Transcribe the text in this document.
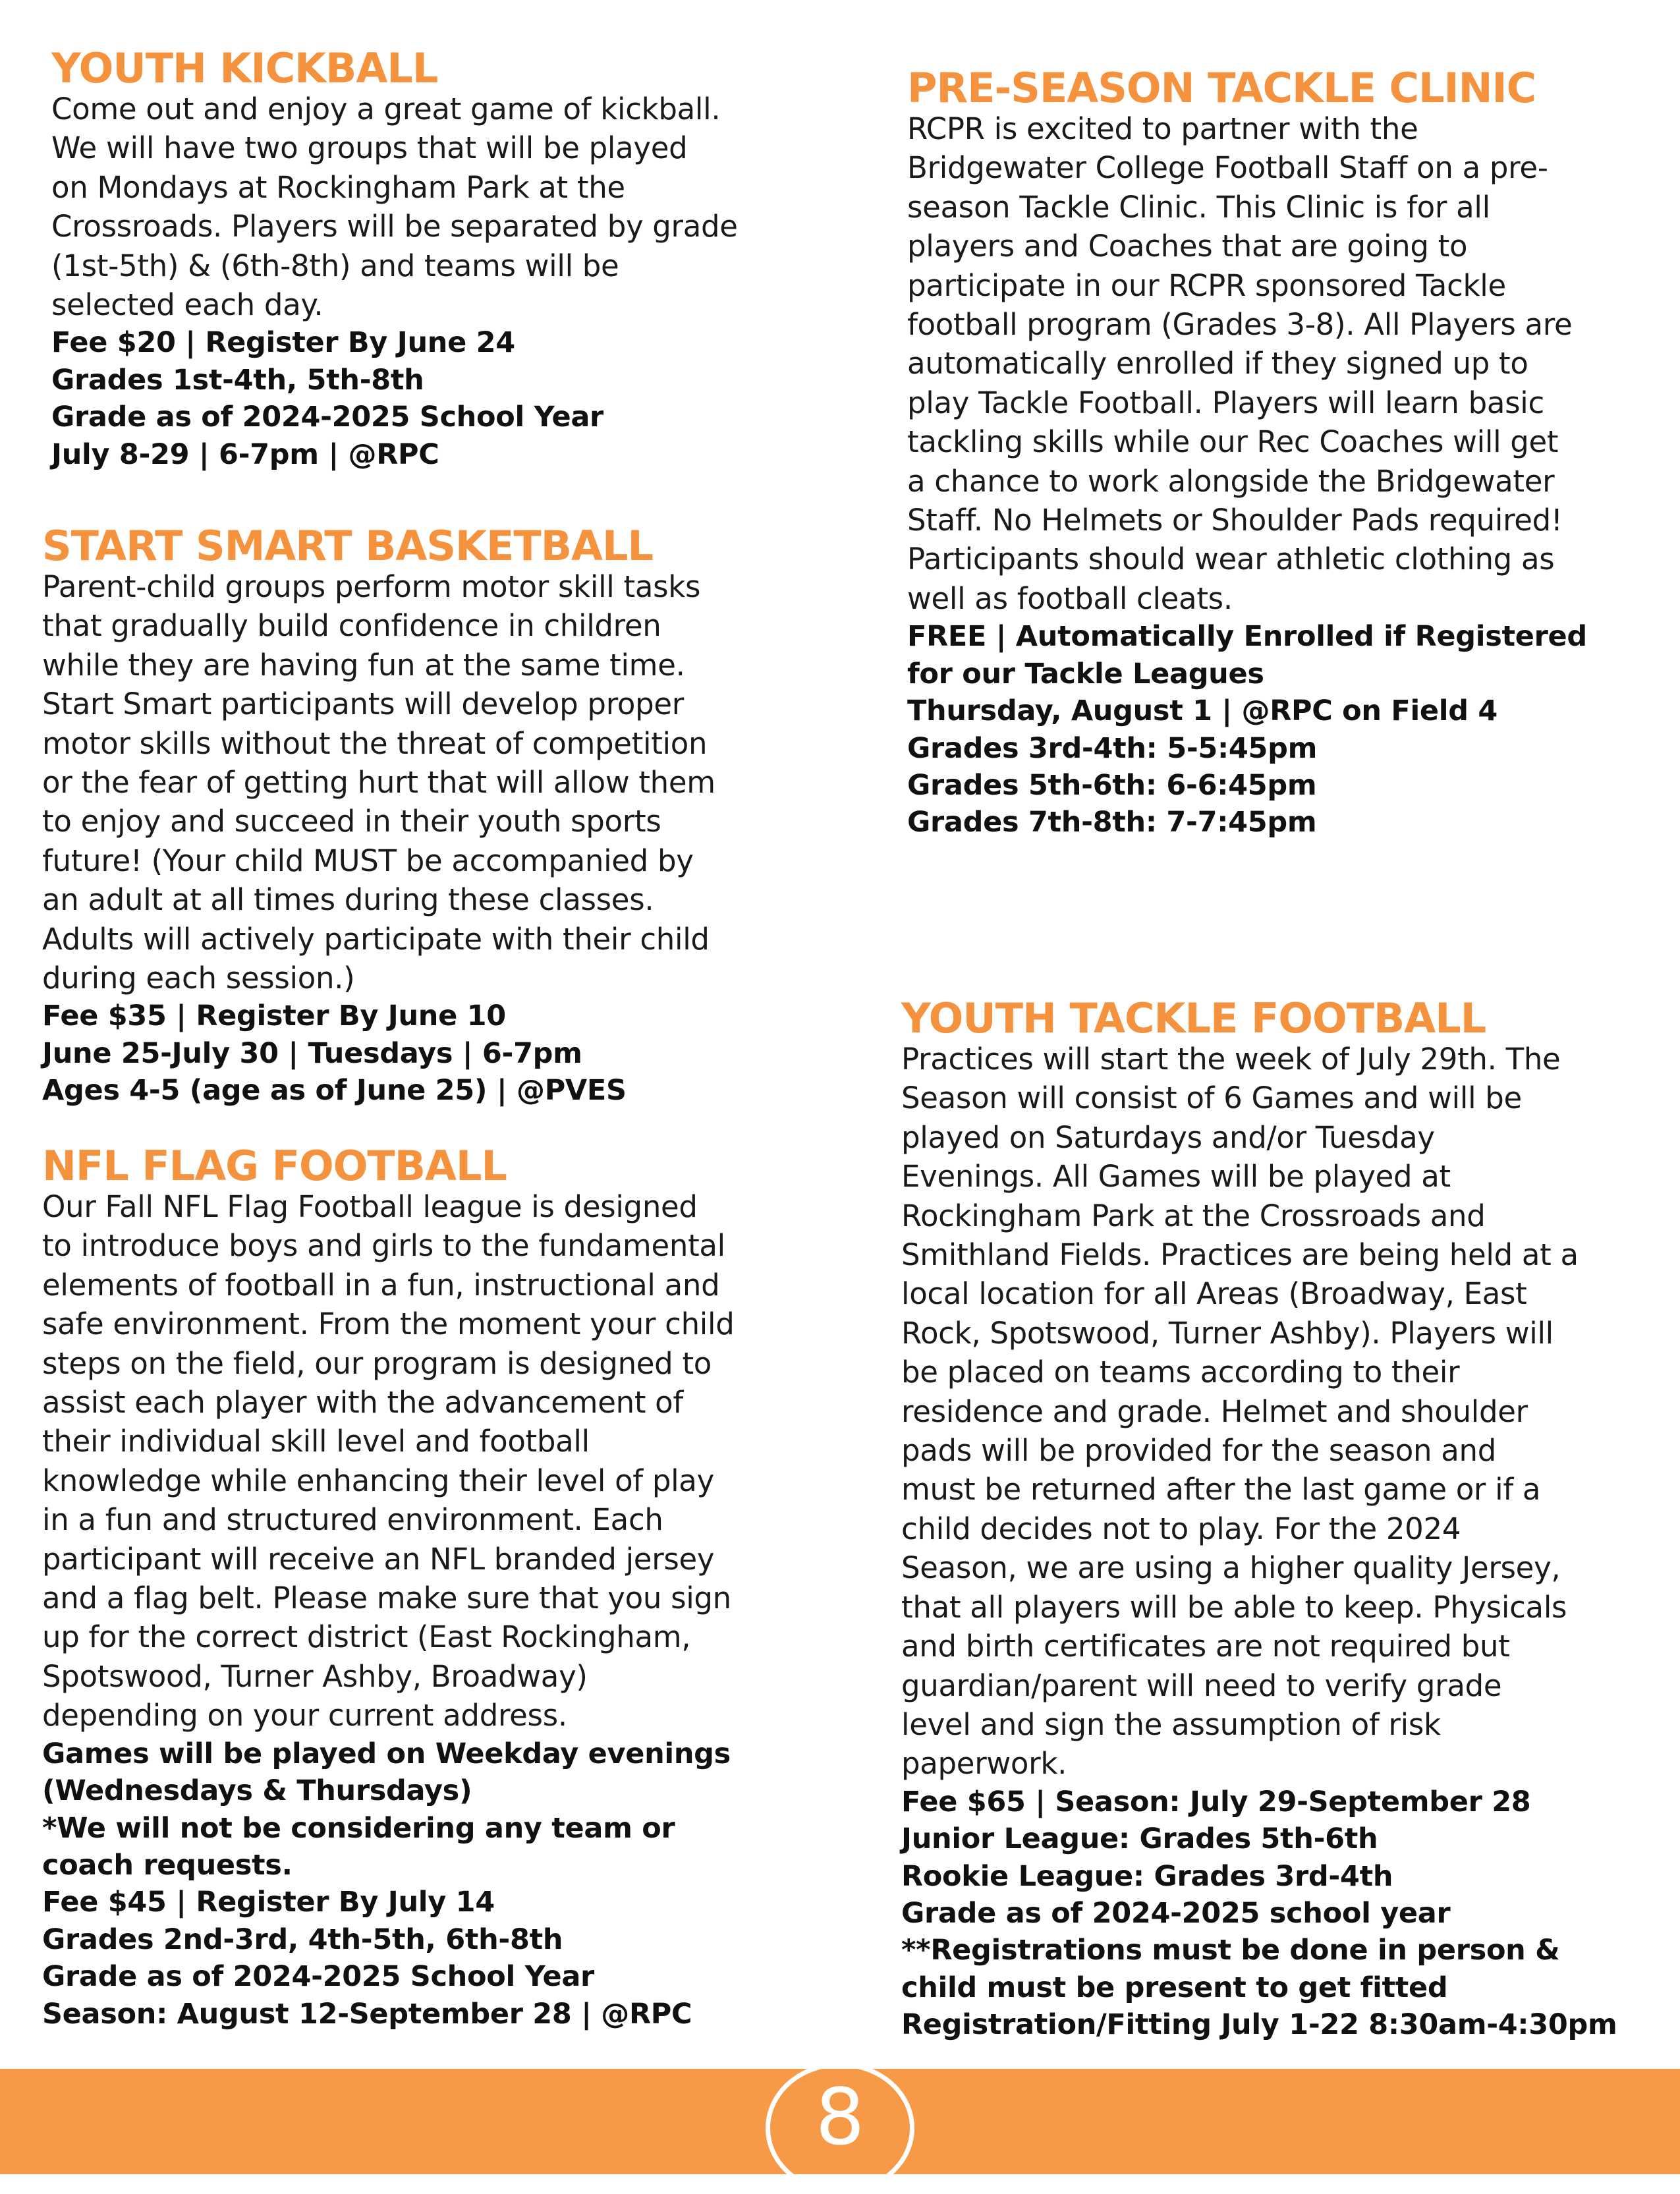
YOUTH KICKBALL
Come out and enjoy a great game of kickball.
We will have two groups that will be played
on Mondays at Rockingham Park at the
Crossroads. Players will be separated by grade
(1st-5th) & (6th-8th) and teams will be
selected each day.
Fee $20 | Register By June 24
Grades 1st-4th, 5th-8th
Grade as of 2024-2025 School Year
July 8-29 | 6-7pm | @RPC
START SMART BASKETBALL
Parent-child groups perform motor skill tasks
that gradually build confidence in children
while they are having fun at the same time.
Start Smart participants will develop proper
motor skills without the threat of competition
or the fear of getting hurt that will allow them
to enjoy and succeed in their youth sports
future! (Your child MUST be accompanied by
an adult at all times during these classes.
Adults will actively participate with their child
during each session.)
Fee $35 | Register By June 10
June 25-July 30 | Tuesdays | 6-7pm
Ages 4-5 (age as of June 25) | @PVES
NFL FLAG FOOTBALL
Our Fall NFL Flag Football league is designed
to introduce boys and girls to the fundamental
elements of football in a fun, instructional and
safe environment. From the moment your child
steps on the field, our program is designed to
assist each player with the advancement of
their individual skill level and football
knowledge while enhancing their level of play
in a fun and structured environment. Each
participant will receive an NFL branded jersey
and a flag belt. Please make sure that you sign
up for the correct district (East Rockingham,
Spotswood, Turner Ashby, Broadway)
depending on your current address.
Games will be played on Weekday evenings
(Wednesdays & Thursdays)
*We will not be considering any team or
coach requests.
Fee $45 | Register By July 14
Grades 2nd-3rd, 4th-5th, 6th-8th
Grade as of 2024-2025 School Year
Season: August 12-September 28 | @RPC
PRE-SEASON TACKLE CLINIC
RCPR is excited to partner with the
Bridgewater College Football Staff on a pre-
season Tackle Clinic. This Clinic is for all
players and Coaches that are going to
participate in our RCPR sponsored Tackle
football program (Grades 3-8). All Players are
automatically enrolled if they signed up to
play Tackle Football. Players will learn basic
tackling skills while our Rec Coaches will get
a chance to work alongside the Bridgewater
Staff. No Helmets or Shoulder Pads required!
Participants should wear athletic clothing as
well as football cleats.
FREE | Automatically Enrolled if Registered
for our Tackle Leagues
Thursday, August 1 | @RPC on Field 4
Grades 3rd-4th: 5-5:45pm
Grades 5th-6th: 6-6:45pm
Grades 7th-8th: 7-7:45pm
YOUTH TACKLE FOOTBALL
Practices will start the week of July 29th. The
Season will consist of 6 Games and will be
played on Saturdays and/or Tuesday
Evenings. All Games will be played at
Rockingham Park at the Crossroads and
Smithland Fields. Practices are being held at a
local location for all Areas (Broadway, East
Rock, Spotswood, Turner Ashby). Players will
be placed on teams according to their
residence and grade. Helmet and shoulder
pads will be provided for the season and
must be returned after the last game or if a
child decides not to play. For the 2024
Season, we are using a higher quality Jersey,
that all players will be able to keep. Physicals
and birth certificates are not required but
guardian/parent will need to verify grade
level and sign the assumption of risk
paperwork.
Fee $65 | Season: July 29-September 28
Junior League: Grades 5th-6th
Rookie League: Grades 3rd-4th
Grade as of 2024-2025 school year
**Registrations must be done in person &
child must be present to get fitted
Registration/Fitting July 1-22 8:30am-4:30pm
8
